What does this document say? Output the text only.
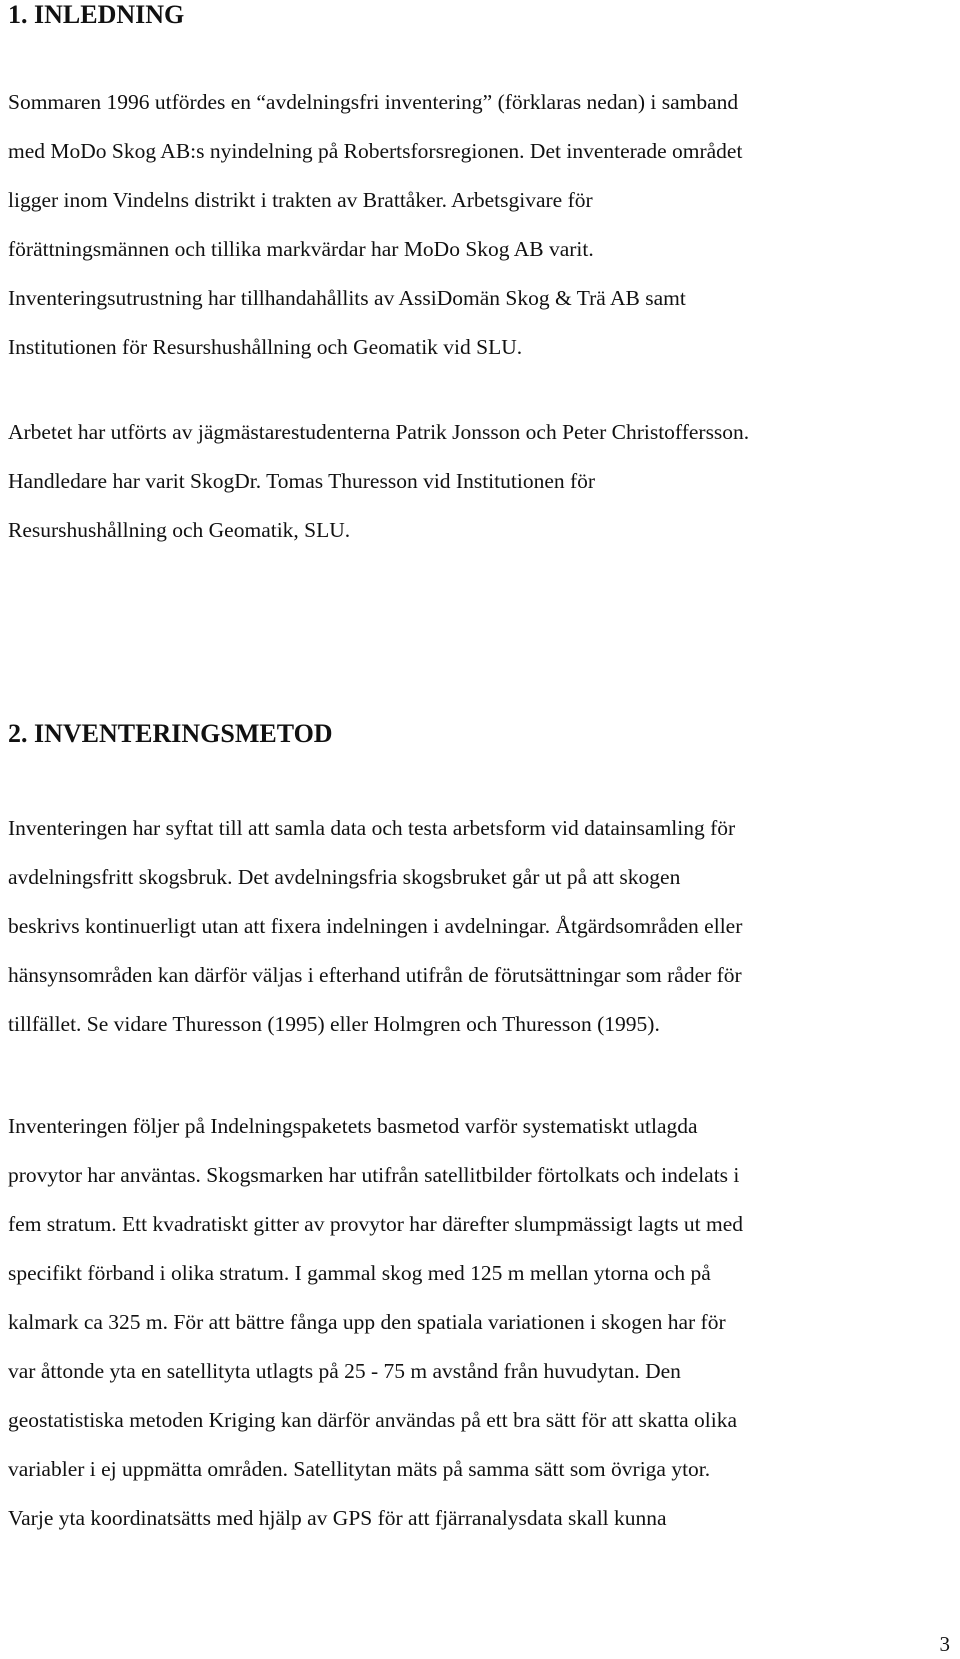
1. INLEDNING

Sommaren 1996 utfördes en “avdelningsfri inventering” (förklaras nedan) i samband
med MoDo Skog AB:s nyindelning på Robertsforsregionen. Det inventerade området
ligger inom Vindelns distrikt i trakten av Brattåker. Arbetsgivare för
förättningsmännen och tillika markvärdar har MoDo Skog AB varit.
Inventeringsutrustning har tillhandahållits av AssiDomän Skog & Trä AB samt
Institutionen för Resurshushållning och Geomatik vid SLU.

Arbetet har utförts av jägmästarestudenterna Patrik Jonsson och Peter Christoffersson.
Handledare har varit SkogDr. Tomas Thuresson vid Institutionen för
Resurshushållning och Geomatik, SLU.

2. INVENTERINGSMETOD

Inventeringen har syftat till att samla data och testa arbetsform vid datainsamling för
avdelningsfritt skogsbruk. Det avdelningsfria skogsbruket går ut på att skogen
beskrivs kontinuerligt utan att fixera indelningen i avdelningar. Åtgärdsområden eller
hänsynsområden kan därför väljas i efterhand utifrån de förutsättningar som råder för
tillfället. Se vidare Thuresson (1995) eller Holmgren och Thuresson (1995).

Inventeringen följer på Indelningspaketets basmetod varför systematiskt utlagda
provytor har använtas. Skogsmarken har utifrån satellitbilder förtolkats och indelats i
fem stratum. Ett kvadratiskt gitter av provytor har därefter slumpmässigt lagts ut med
specifikt förband i olika stratum. I gammal skog med 125 m mellan ytorna och på
kalmark ca 325 m. För att bättre fånga upp den spatiala variationen i skogen har för
var åttonde yta en satellityta utlagts på 25 - 75 m avstånd från huvudytan. Den
geostatistiska metoden Kriging kan därför användas på ett bra sätt för att skatta olika
variabler i ej uppmätta områden. Satellitytan mäts på samma sätt som övriga ytor.
Varje yta koordinatsätts med hjälp av GPS för att fjärranalysdata skall kunna

3
